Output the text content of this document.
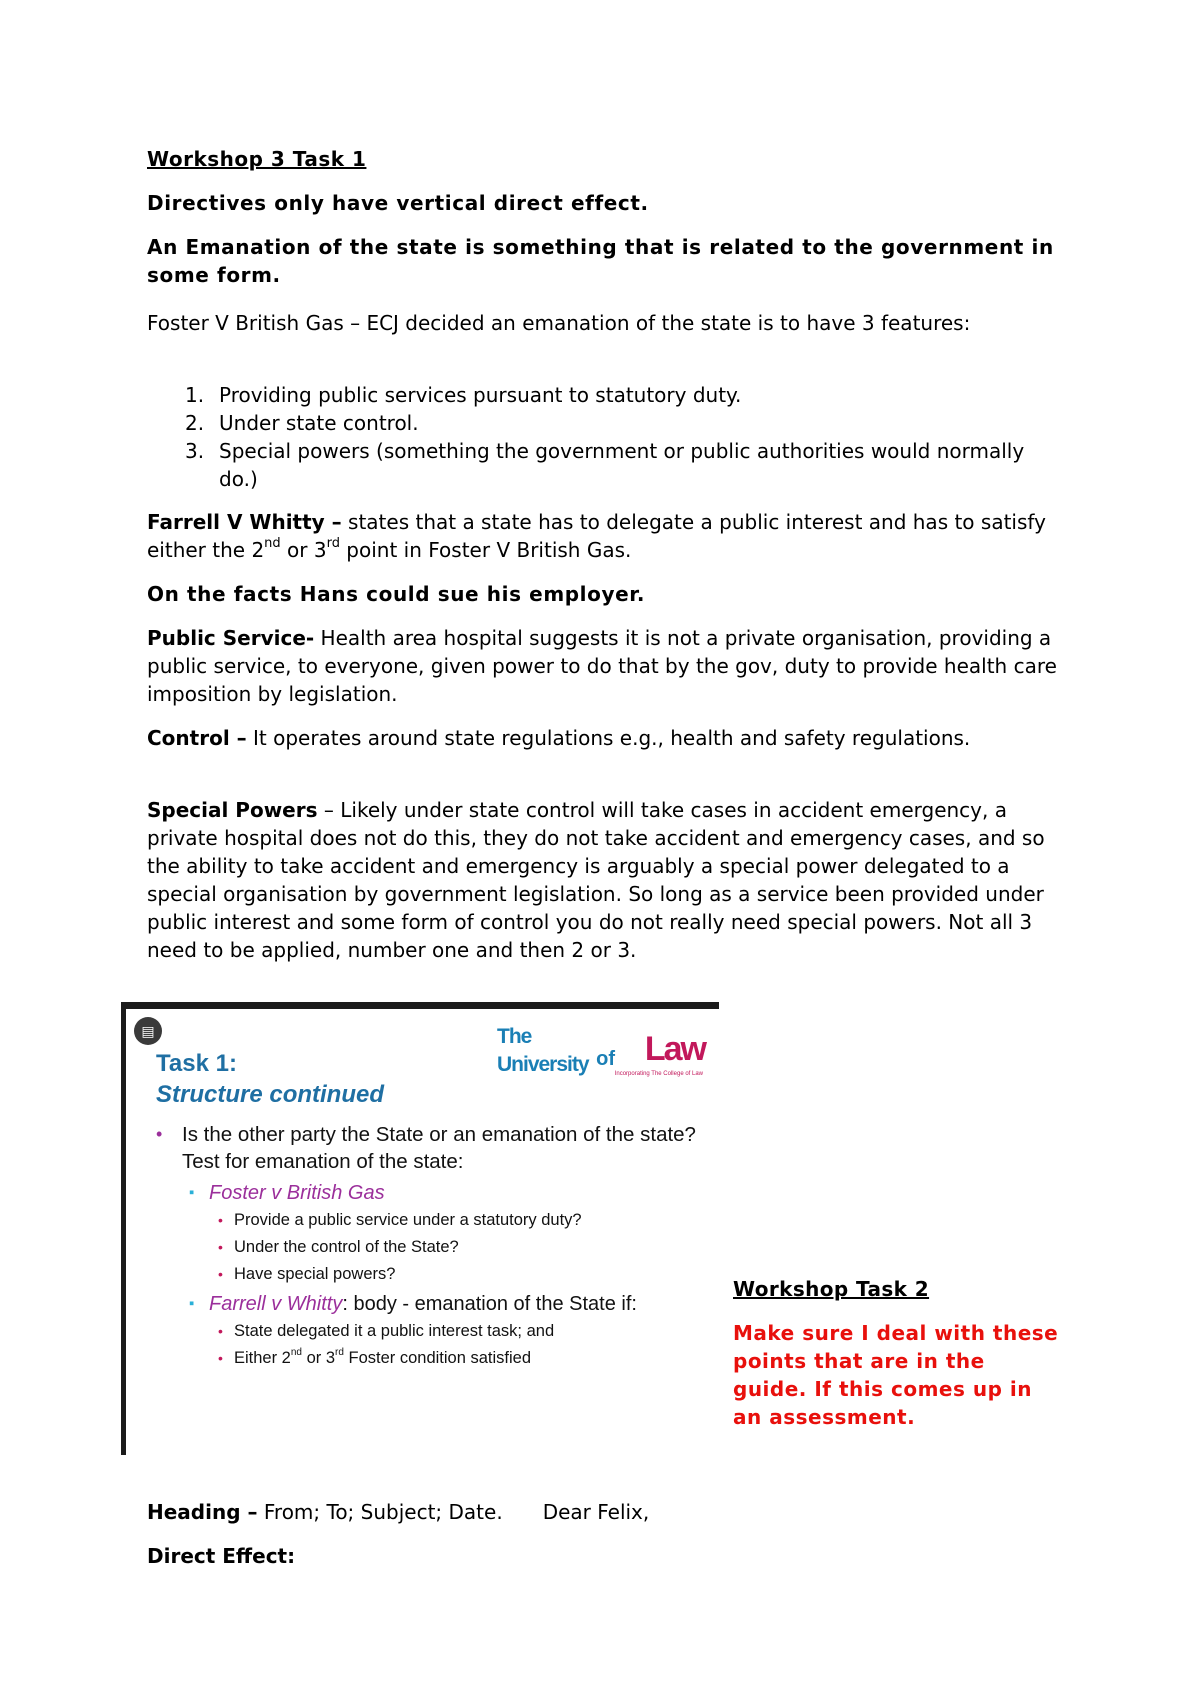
Workshop 3 Task 1

Directives only have vertical direct effect.

An Emanation of the state is something that is related to the government in some form.

Foster V British Gas – ECJ decided an emanation of the state is to have 3 features:

1. Providing public services pursuant to statutory duty.
2. Under state control.
3. Special powers (something the government or public authorities would normally do.)

Farrell V Whitty – states that a state has to delegate a public interest and has to satisfy either the 2nd or 3rd point in Foster V British Gas.

On the facts Hans could sue his employer.

Public Service- Health area hospital suggests it is not a private organisation, providing a public service, to everyone, given power to do that by the gov, duty to provide health care imposition by legislation.

Control – It operates around state regulations e.g., health and safety regulations.

Special Powers – Likely under state control will take cases in accident emergency, a private hospital does not do this, they do not take accident and emergency cases, and so the ability to take accident and emergency is arguably a special power delegated to a special organisation by government legislation. So long as a service been provided under public interest and some form of control you do not really need special powers. Not all 3 need to be applied, number one and then 2 or 3.

Heading – From; To; Subject; Date. Dear Felix,

Direct Effect:

▤	The University of Law
Incorporating The College of Law
Task 1:
Structure continued
• Is the other party the State or an emanation of the state? Test for emanation of the state:
▪ Foster v British Gas
• Provide a public service under a statutory duty?
• Under the control of the State?
• Have special powers?
▪ Farrell v Whitty: body - emanation of the State if:
• State delegated it a public interest task; and
• Either 2nd or 3rd Foster condition satisfied

Workshop Task 2

Make sure I deal with these points that are in the guide. If this comes up in an assessment.
